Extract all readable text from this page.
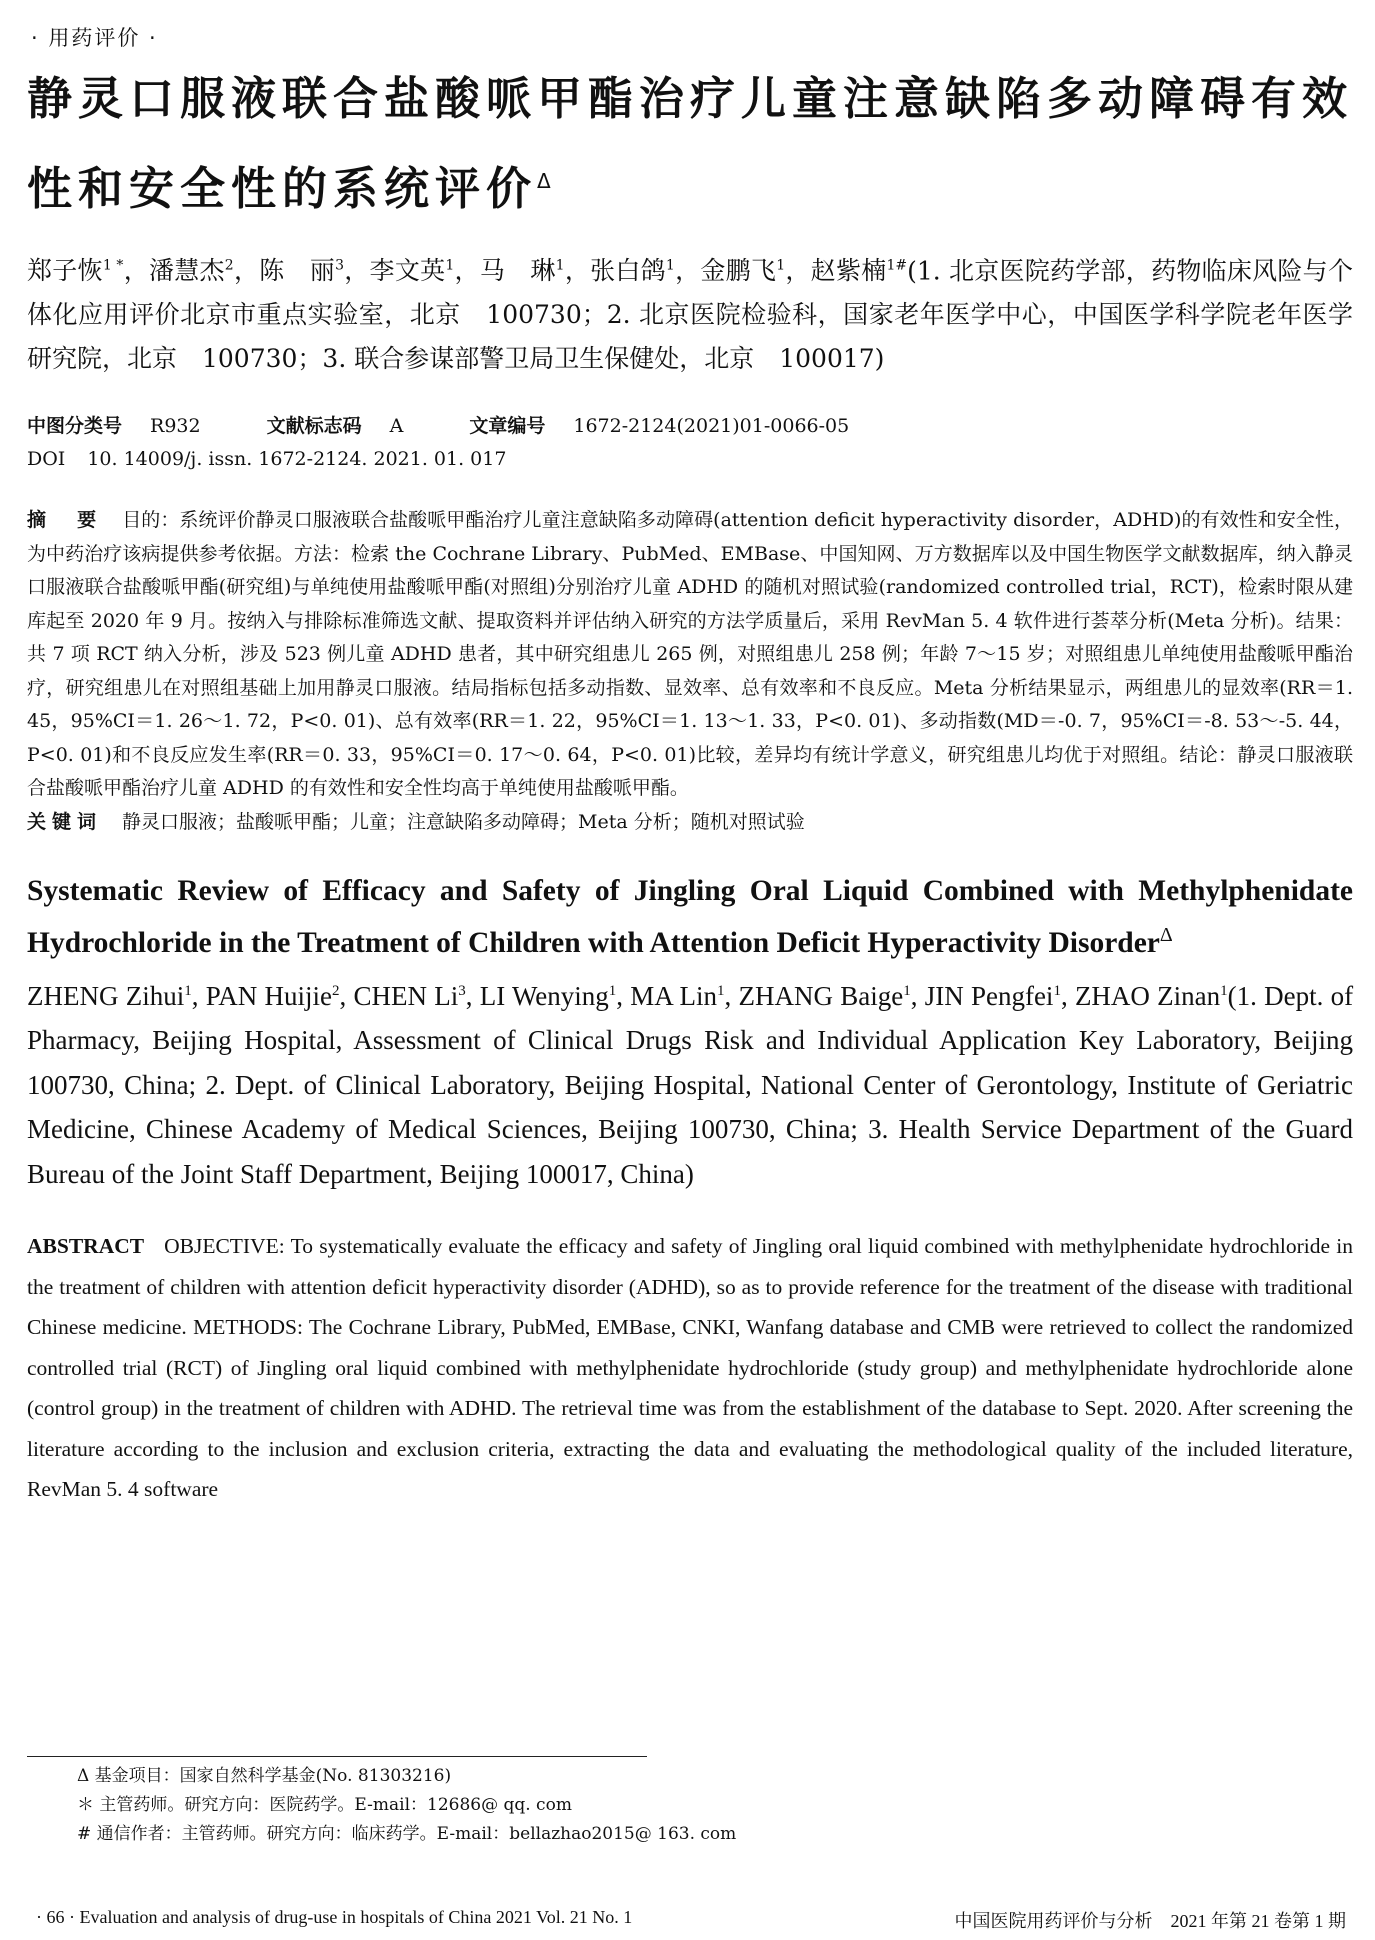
· 用药评价 ·
静灵口服液联合盐酸哌甲酯治疗儿童注意缺陷多动障碍有效性和安全性的系统评价$^\Delta$
郑子恢$^{1 *}$，潘慧杰$^2$，陈　丽$^3$，李文英$^1$，马　琳$^1$，张白鸽$^1$，金鹏飞$^1$，赵紫楠$^{1\#}$(1. 北京医院药学部，药物临床风险与个体化应用评价北京市重点实验室，北京　100730；2. 北京医院检验科，国家老年医学中心，中国医学科学院老年医学研究院，北京　100730；3. 联合参谋部警卫局卫生保健处，北京　100017)
中图分类号 R932	文献标志码 A	文章编号 1672-2124(2021)01-0066-05
DOI 10. 14009/j. issn. 1672-2124. 2021. 01. 017
摘　要 目的：系统评价静灵口服液联合盐酸哌甲酯治疗儿童注意缺陷多动障碍(attention deficit hyperactivity disorder，ADHD)的有效性和安全性，为中药治疗该病提供参考依据。方法：检索 the Cochrane Library、PubMed、EMBase、中国知网、万方数据库以及中国生物医学文献数据库，纳入静灵口服液联合盐酸哌甲酯(研究组)与单纯使用盐酸哌甲酯(对照组)分别治疗儿童 ADHD 的随机对照试验(randomized controlled trial，RCT)，检索时限从建库起至 2020 年 9 月。按纳入与排除标准筛选文献、提取资料并评估纳入研究的方法学质量后，采用 RevMan 5. 4 软件进行荟萃分析(Meta 分析)。结果：共 7 项 RCT 纳入分析，涉及 523 例儿童 ADHD 患者，其中研究组患儿 265 例，对照组患儿 258 例；年龄 7～15 岁；对照组患儿单纯使用盐酸哌甲酯治疗，研究组患儿在对照组基础上加用静灵口服液。结局指标包括多动指数、显效率、总有效率和不良反应。Meta 分析结果显示，两组患儿的显效率(RR＝1. 45，95%CI＝1. 26～1. 72，P<0. 01)、总有效率(RR＝1. 22，95%CI＝1. 13～1. 33，P<0. 01)、多动指数(MD＝-0. 7，95%CI＝-8. 53～-5. 44，P<0. 01)和不良反应发生率(RR＝0. 33，95%CI＝0. 17～0. 64，P<0. 01)比较，差异均有统计学意义，研究组患儿均优于对照组。结论：静灵口服液联合盐酸哌甲酯治疗儿童 ADHD 的有效性和安全性均高于单纯使用盐酸哌甲酯。
关键词 静灵口服液；盐酸哌甲酯；儿童；注意缺陷多动障碍；Meta 分析；随机对照试验
Systematic Review of Efficacy and Safety of Jingling Oral Liquid Combined with Methylphenidate Hydrochloride in the Treatment of Children with Attention Deficit Hyperactivity Disorder$^\Delta$
ZHENG Zihui$^1$, PAN Huijie$^2$, CHEN Li$^3$, LI Wenying$^1$, MA Lin$^1$, ZHANG Baige$^1$, JIN Pengfei$^1$, ZHAO Zinan$^1$(1. Dept. of Pharmacy, Beijing Hospital, Assessment of Clinical Drugs Risk and Individual Application Key Laboratory, Beijing 100730, China; 2. Dept. of Clinical Laboratory, Beijing Hospital, National Center of Gerontology, Institute of Geriatric Medicine, Chinese Academy of Medical Sciences, Beijing 100730, China; 3. Health Service Department of the Guard Bureau of the Joint Staff Department, Beijing 100017, China)
ABSTRACT OBJECTIVE: To systematically evaluate the efficacy and safety of Jingling oral liquid combined with methylphenidate hydrochloride in the treatment of children with attention deficit hyperactivity disorder (ADHD), so as to provide reference for the treatment of the disease with traditional Chinese medicine. METHODS: The Cochrane Library, PubMed, EMBase, CNKI, Wanfang database and CMB were retrieved to collect the randomized controlled trial (RCT) of Jingling oral liquid combined with methylphenidate hydrochloride (study group) and methylphenidate hydrochloride alone (control group) in the treatment of children with ADHD. The retrieval time was from the establishment of the database to Sept. 2020. After screening the literature according to the inclusion and exclusion criteria, extracting the data and evaluating the methodological quality of the included literature, RevMan 5. 4 software
Δ 基金项目：国家自然科学基金(No. 81303216)
＊ 主管药师。研究方向：医院药学。E-mail：12686@ qq. com
# 通信作者：主管药师。研究方向：临床药学。E-mail：bellazhao2015@ 163. com
· 66 · Evaluation and analysis of drug-use in hospitals of China 2021 Vol. 21 No. 1	中国医院用药评价与分析　2021 年第 21 卷第 1 期
